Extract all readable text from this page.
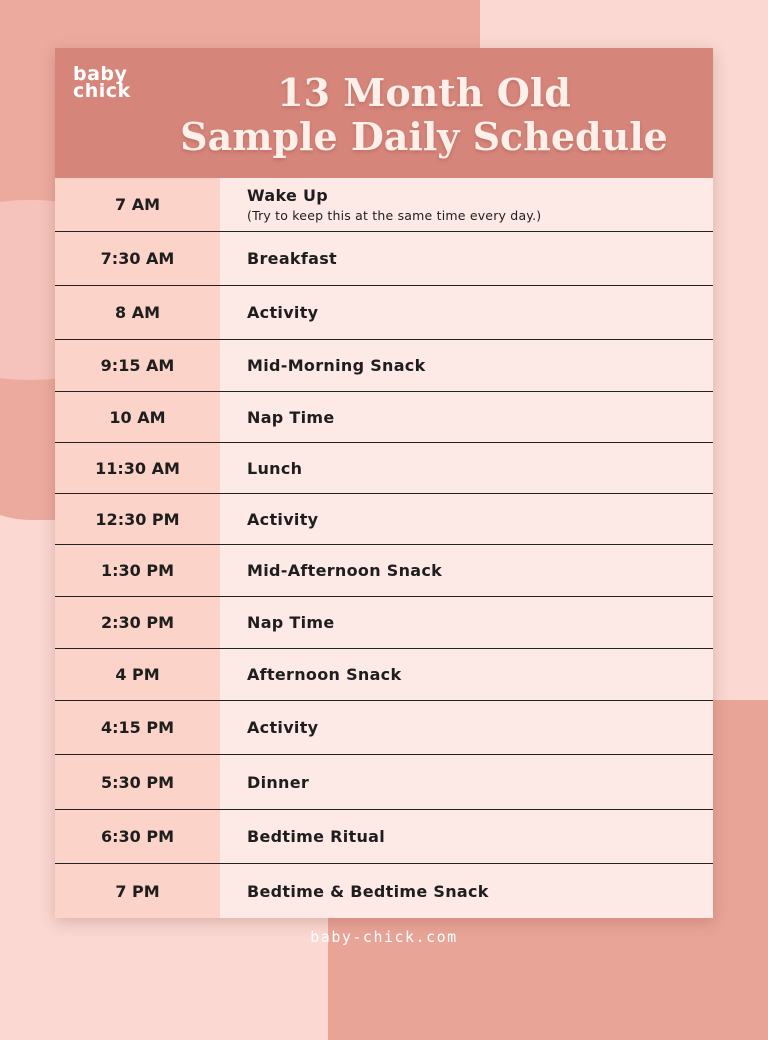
baby
chick	13 Month Old
Sample Daily Schedule
7 AM	Wake Up
(Try to keep this at the same time every day.)
7:30 AM	Breakfast
8 AM	Activity
9:15 AM	Mid-Morning Snack
10 AM	Nap Time
11:30 AM	Lunch
12:30 PM	Activity
1:30 PM	Mid-Afternoon Snack
2:30 PM	Nap Time
4 PM	Afternoon Snack
4:15 PM	Activity
5:30 PM	Dinner
6:30 PM	Bedtime Ritual
7 PM	Bedtime & Bedtime Snack
baby-chick.com
